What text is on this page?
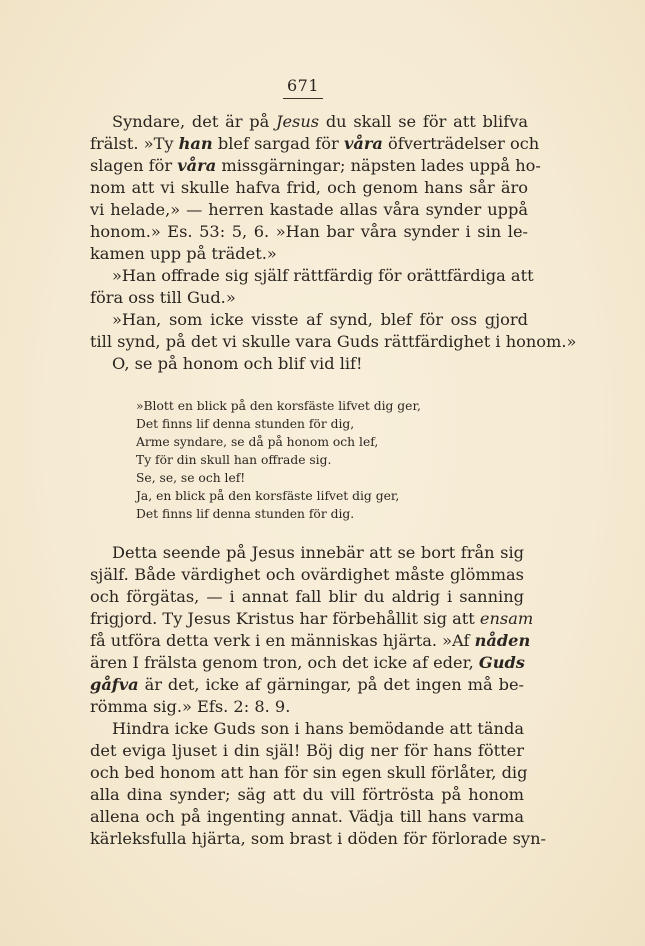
671
Syndare, det är på Jesus du skall se för att blifva
frälst. »Ty han blef sargad för våra öfverträdelser och
slagen för våra missgärningar; näpsten lades uppå ho-
nom att vi skulle hafva frid, och genom hans sår äro
vi helade,» — herren kastade allas våra synder uppå
honom.» Es. 53: 5, 6. »Han bar våra synder i sin le-
kamen upp på trädet.»
»Han offrade sig själf rättfärdig för orättfärdiga att
föra oss till Gud.»
»Han, som icke visste af synd, blef för oss gjord
till synd, på det vi skulle vara Guds rättfärdighet i honom.»
O, se på honom och blif vid lif!
»Blott en blick på den korsfäste lifvet dig ger,
Det finns lif denna stunden för dig,
Arme syndare, se då på honom och lef,
Ty för din skull han offrade sig.
Se, se, se och lef!
Ja, en blick på den korsfäste lifvet dig ger,
Det finns lif denna stunden för dig.
Detta seende på Jesus innebär att se bort från sig
själf. Både värdighet och ovärdighet måste glömmas
och förgätas, — i annat fall blir du aldrig i sanning
frigjord. Ty Jesus Kristus har förbehållit sig att ensam
få utföra detta verk i en människas hjärta. »Af nåden
ären I frälsta genom tron, och det icke af eder, Guds
gåfva är det, icke af gärningar, på det ingen må be-
römma sig.» Efs. 2: 8. 9.
Hindra icke Guds son i hans bemödande att tända
det eviga ljuset i din själ! Böj dig ner för hans fötter
och bed honom att han för sin egen skull förlåter, dig
alla dina synder; säg att du vill förtrösta på honom
allena och på ingenting annat. Vädja till hans varma
kärleksfulla hjärta, som brast i döden för förlorade syn-
